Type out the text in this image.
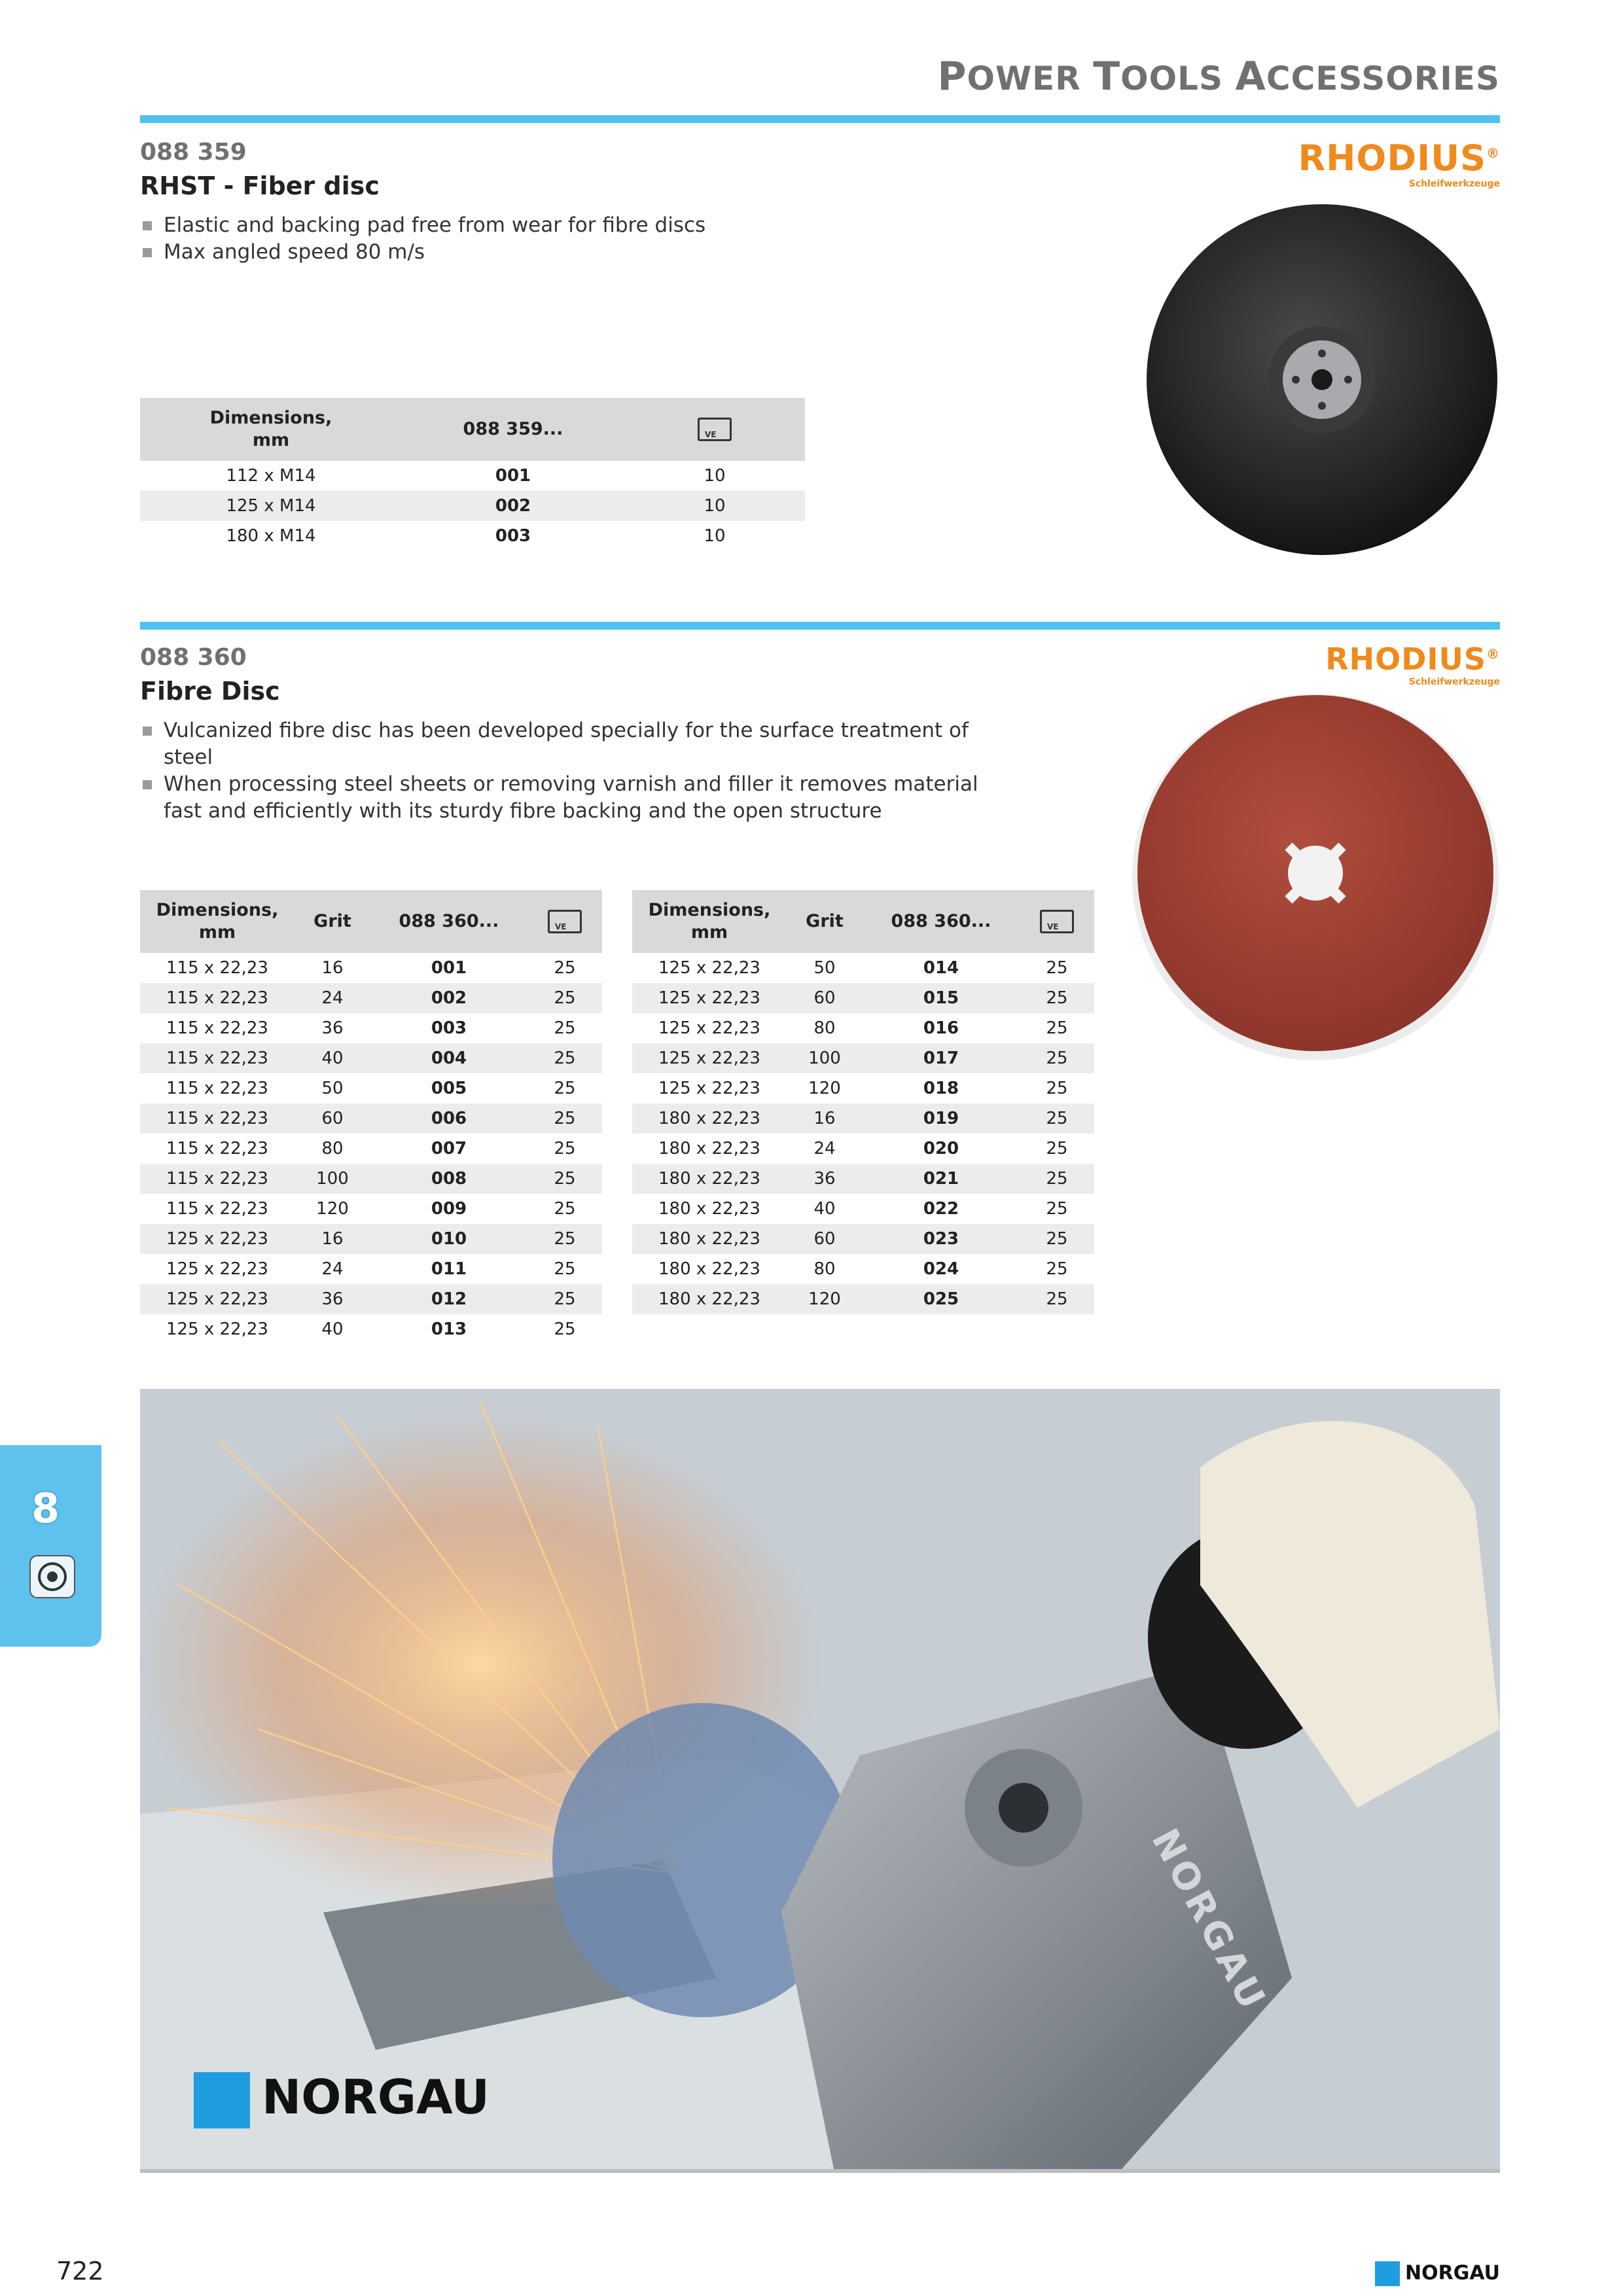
POWER TOOLS ACCESSORIES
088 359
RHST - Fiber disc
Elastic and backing pad free from wear for fibre discs
Max angled speed 80 m/s
RHODIUS®
Schleifwerkzeuge
Dimensions,
mm	088 359...	VE
112 x M14	001	10
125 x M14	002	10
180 x M14	003	10
088 360
Fibre Disc
Vulcanized fibre disc has been developed specially for the surface treatment of steel
When processing steel sheets or removing varnish and filler it removes material fast and efficiently with its sturdy fibre backing and the open structure
RHODIUS®
Schleifwerkzeuge
Dimensions,
mm	Grit	088 360...	VE
115 x 22,23	16	001	25
115 x 22,23	24	002	25
115 x 22,23	36	003	25
115 x 22,23	40	004	25
115 x 22,23	50	005	25
115 x 22,23	60	006	25
115 x 22,23	80	007	25
115 x 22,23	100	008	25
115 x 22,23	120	009	25
125 x 22,23	16	010	25
125 x 22,23	24	011	25
125 x 22,23	36	012	25
125 x 22,23	40	013	25
Dimensions,
mm	Grit	088 360...	VE
125 x 22,23	50	014	25
125 x 22,23	60	015	25
125 x 22,23	80	016	25
125 x 22,23	100	017	25
125 x 22,23	120	018	25
180 x 22,23	16	019	25
180 x 22,23	24	020	25
180 x 22,23	36	021	25
180 x 22,23	40	022	25
180 x 22,23	60	023	25
180 x 22,23	80	024	25
180 x 22,23	120	025	25
NORGAU
NORGAU
8
722	NORGAU
